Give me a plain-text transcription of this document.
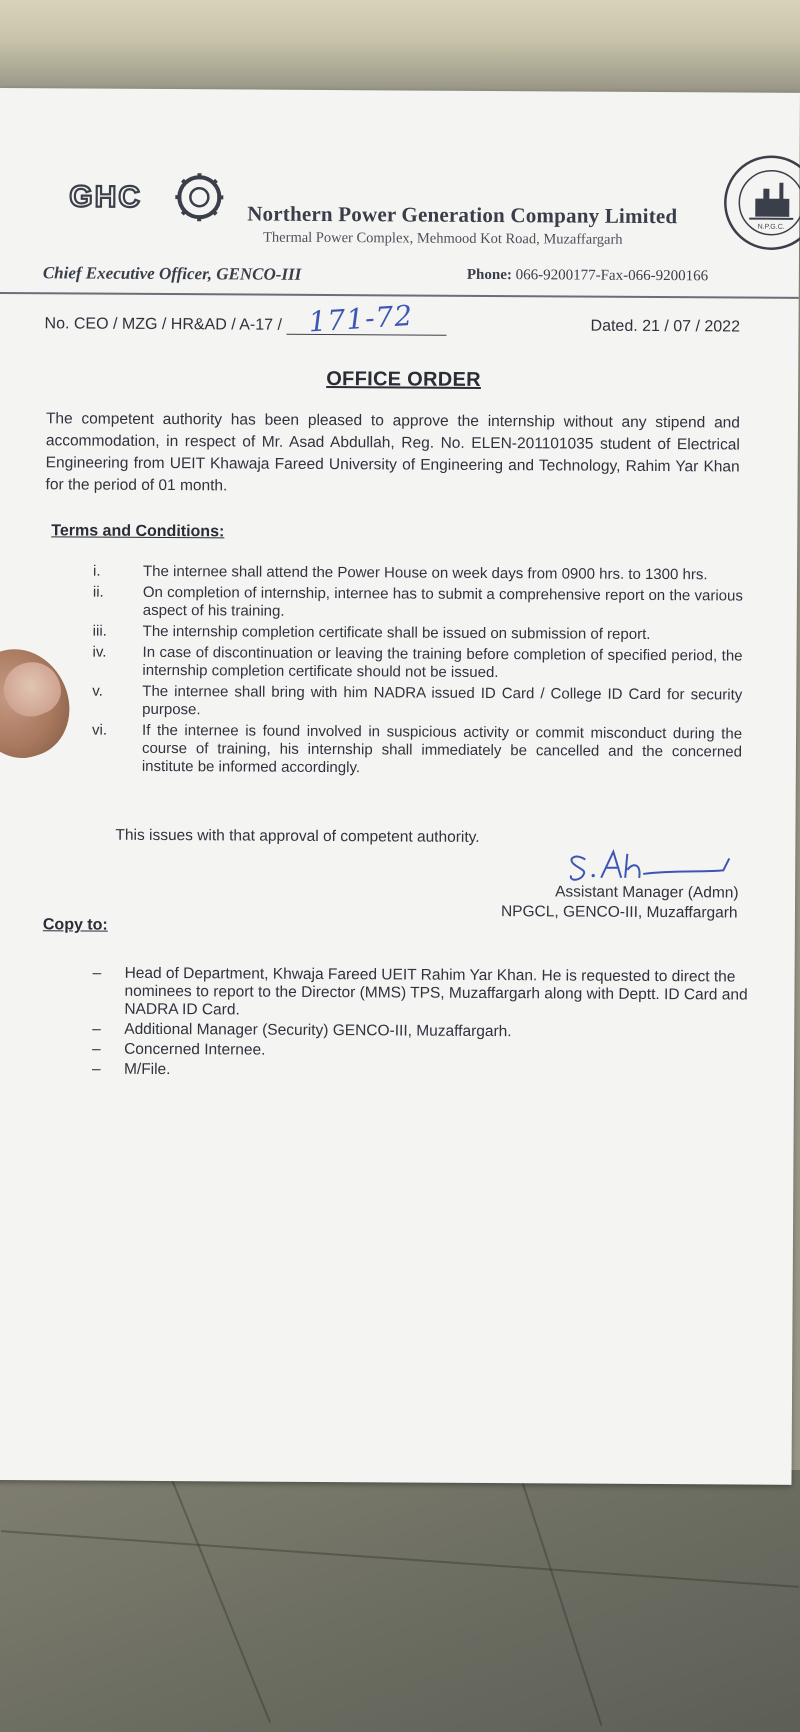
GHC
Northern Power Generation Company Limited
Thermal Power Complex, Mehmood Kot Road, Muzaffargarh
N.P.G.C.
Chief Executive Officer, GENCO-III	Phone: 066-9200177-Fax-066-9200166
No. CEO / MZG / HR&AD / A-17 / 171-72	Dated. 21 / 07 / 2022
OFFICE ORDER
The competent authority has been pleased to approve the internship without any stipend and accommodation, in respect of Mr. Asad Abdullah, Reg. No. ELEN-201101035 student of Electrical Engineering from UEIT Khawaja Fareed University of Engineering and Technology, Rahim Yar Khan for the period of 01 month.
Terms and Conditions:
i.	The internee shall attend the Power House on week days from 0900 hrs. to 1300 hrs.
ii.	On completion of internship, internee has to submit a comprehensive report on the various aspect of his training.
iii.	The internship completion certificate shall be issued on submission of report.
iv.	In case of discontinuation or leaving the training before completion of specified period, the internship completion certificate should not be issued.
v.	The internee shall bring with him NADRA issued ID Card / College ID Card for security purpose.
vi.	If the internee is found involved in suspicious activity or commit misconduct during the course of training, his internship shall immediately be cancelled and the concerned institute be informed accordingly.
This issues with that approval of competent authority.
Assistant Manager (Admn)
NPGCL, GENCO-III, Muzaffargarh
Copy to:
– Head of Department, Khwaja Fareed UEIT Rahim Yar Khan. He is requested to direct the nominees to report to the Director (MMS) TPS, Muzaffargarh along with Deptt. ID Card and NADRA ID Card.
– Additional Manager (Security) GENCO-III, Muzaffargarh.
– Concerned Internee.
– M/File.
